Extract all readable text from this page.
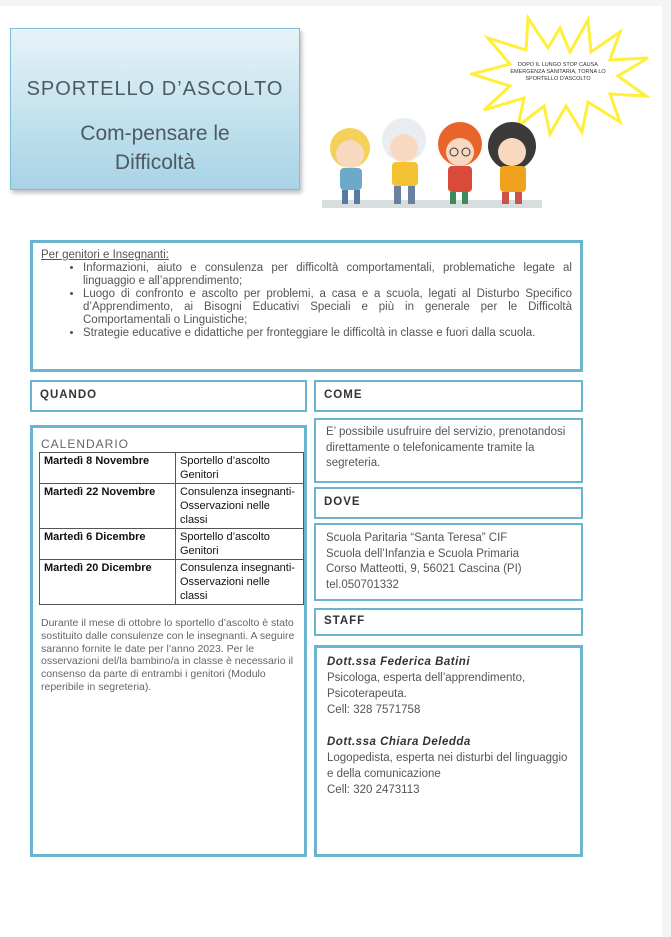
SPORTELLO D’ASCOLTO
Com-pensare le
Difficoltà
DOPO IL LUNGO STOP CAUSA EMERGENZA SANITARIA, TORNA LO SPORTELLO D'ASCOLTO
Per genitori e Insegnanti:
• Informazioni, aiuto e consulenza per difficoltà comportamentali, problematiche legate al linguaggio e all’apprendimento;
• Luogo di confronto e ascolto per problemi, a casa e a scuola, legati al Disturbo Specifico d’Apprendimento, ai Bisogni Educativi Speciali e più in generale per le Difficoltà Comportamentali o Linguistiche;
• Strategie educative e didattiche per fronteggiare le difficoltà in classe e fuori dalla scuola.
QUANDO	COME
E’ possibile usufruire del servizio, prenotandosi direttamente o telefonicamente tramite la segreteria.
DOVE
Scuola Paritaria “Santa Teresa” CIF
Scuola dell’Infanzia e Scuola Primaria
Corso Matteotti, 9, 56021 Cascina (PI)
tel.050701332
STAFF
Dott.ssa Federica Batini
Psicologa, esperta dell’apprendimento, Psicoterapeuta.
Cell: 328 7571758
Dott.ssa Chiara Deledda
Logopedista, esperta nei disturbi del linguaggio e della comunicazione
Cell: 320 2473113
CALENDARIO
Martedì 8 Novembre	Sportello d’ascolto Genitori
Martedì 22 Novembre	Consulenza insegnanti- Osservazioni nelle classi
Martedì 6 Dicembre	Sportello d’ascolto Genitori
Martedì 20 Dicembre	Consulenza insegnanti- Osservazioni nelle classi
Durante il mese di ottobre lo sportello d’ascolto è stato sostituito dalle consulenze con le insegnanti. A seguire saranno fornite le date per l’anno 2023. Per le osservazioni del/la bambino/a in classe è necessario il consenso da parte di entrambi i genitori (Modulo reperibile in segreteria).
